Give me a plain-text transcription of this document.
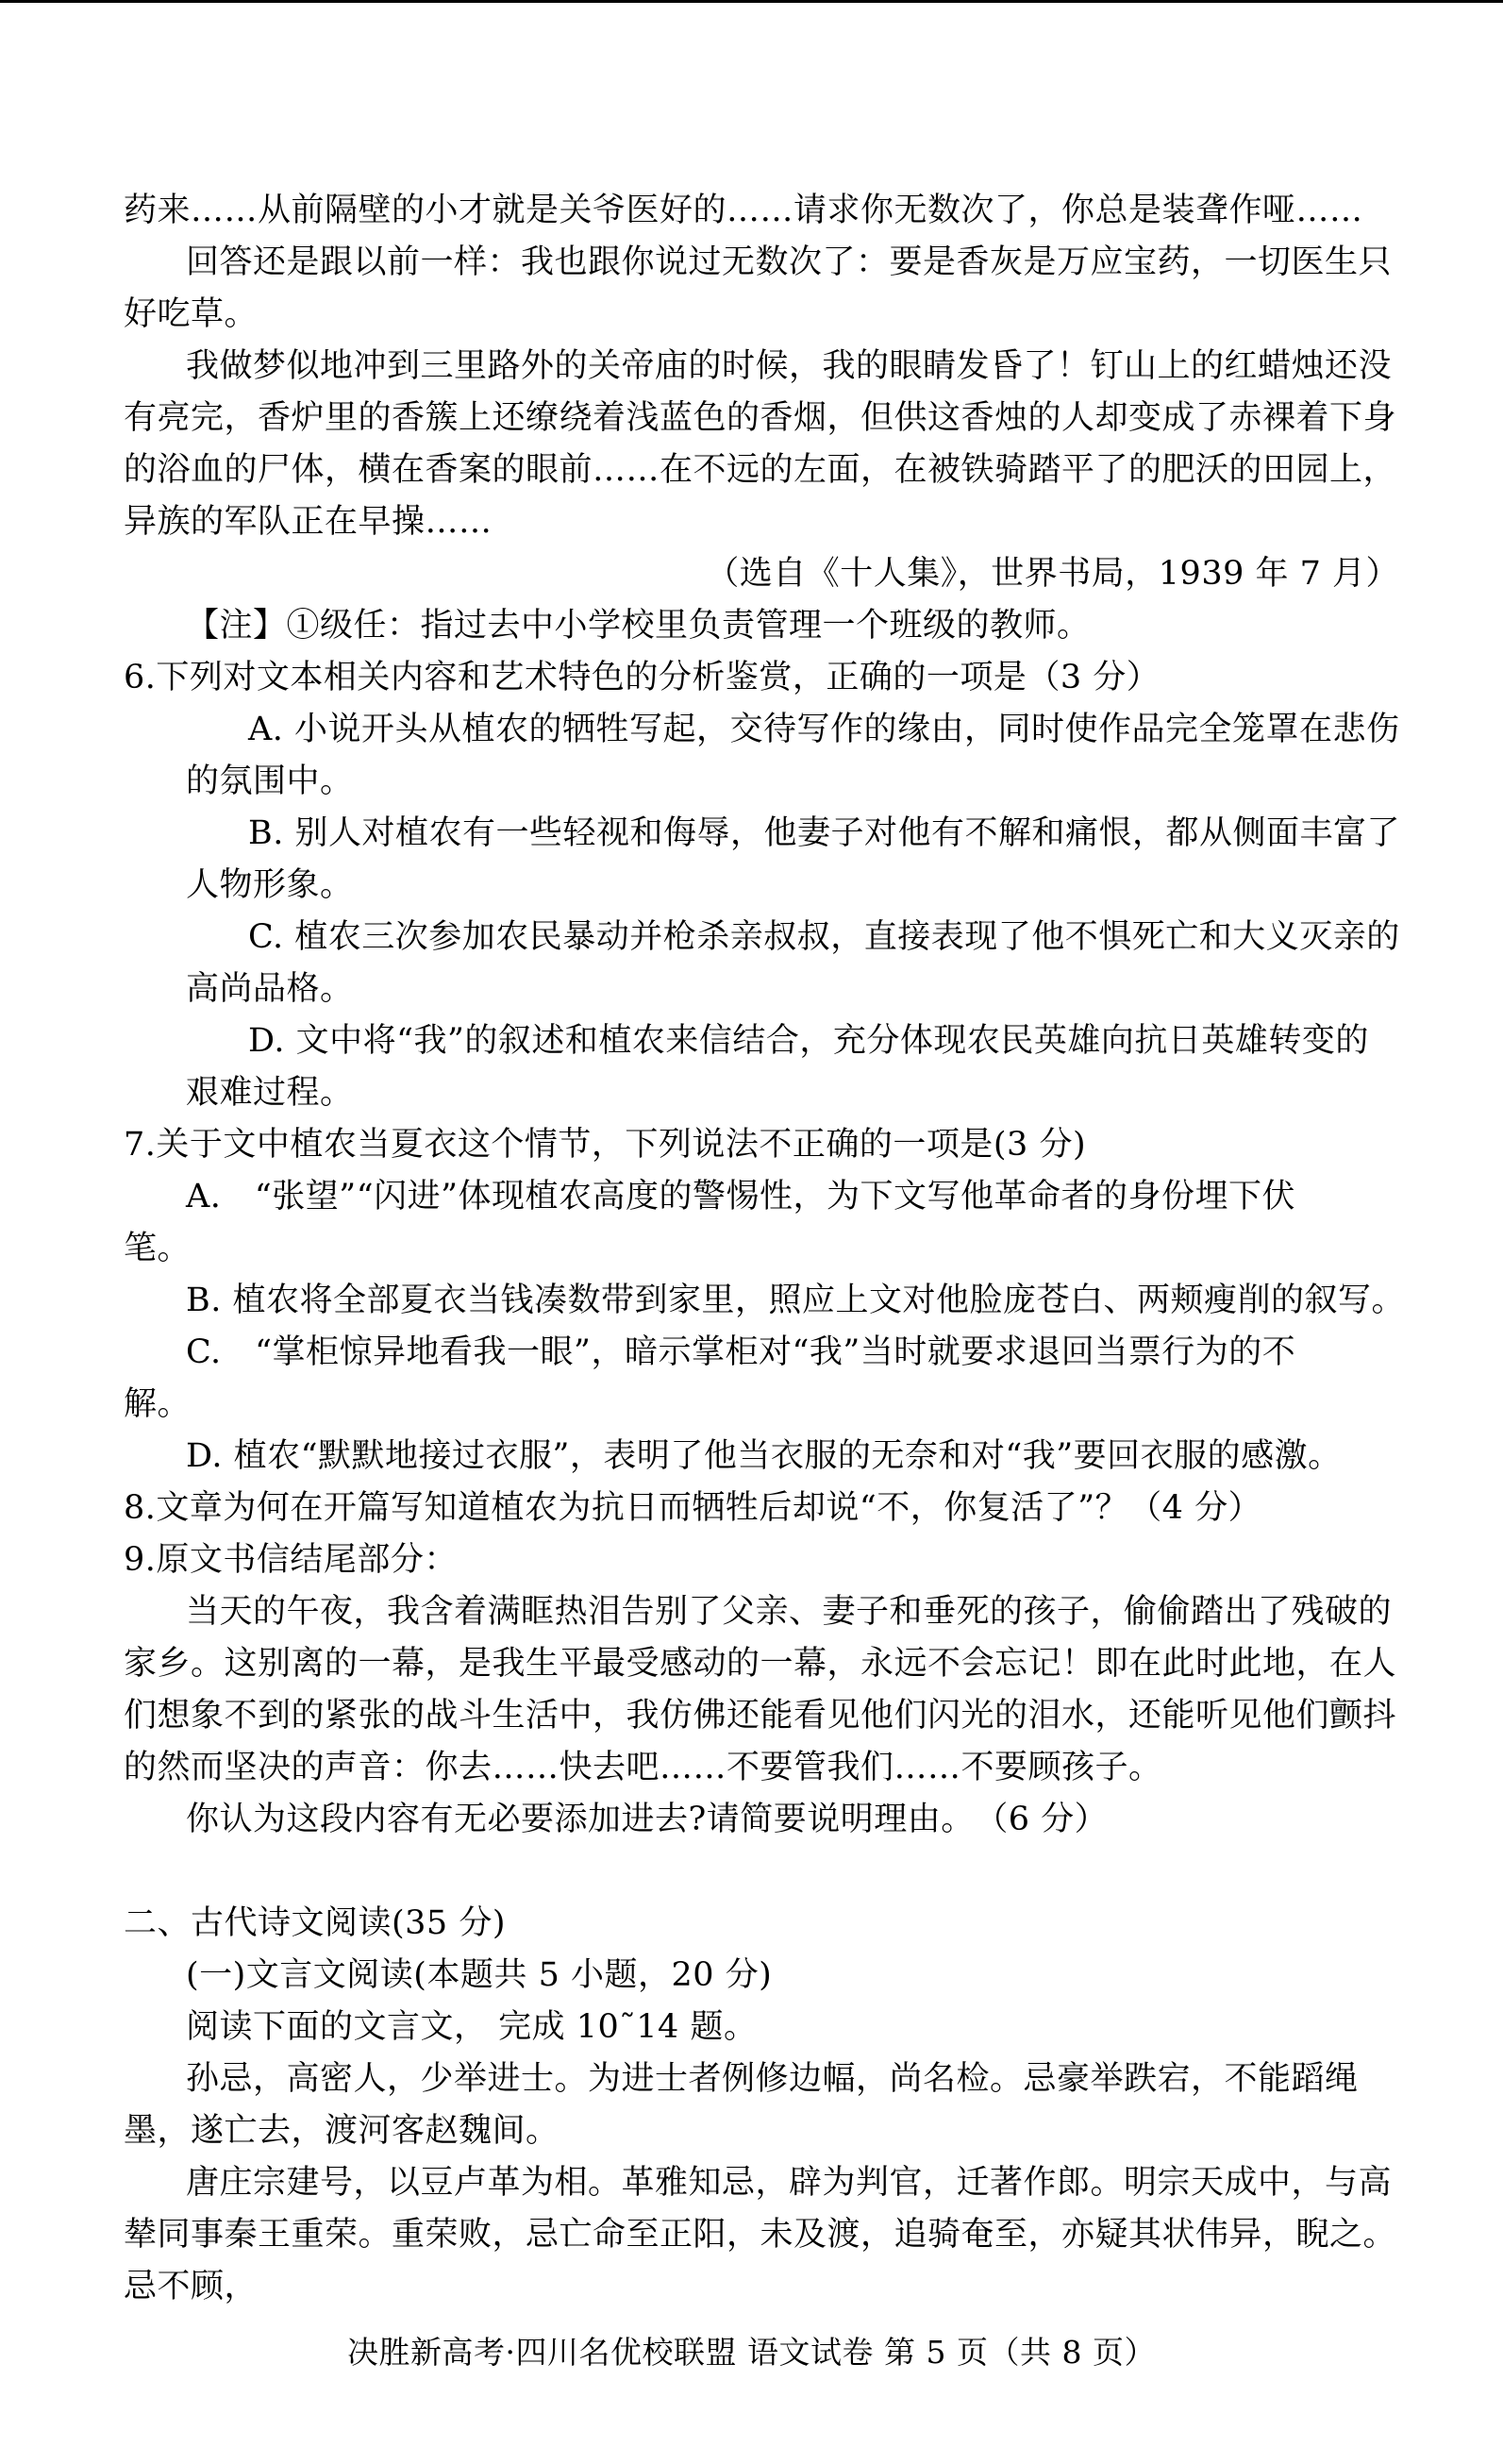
药来……从前隔壁的小才就是关爷医好的……请求你无数次了，你总是装聋作哑……
回答还是跟以前一样：我也跟你说过无数次了：要是香灰是万应宝药，一切医生只
好吃草。
我做梦似地冲到三里路外的关帝庙的时候，我的眼睛发昏了！钉山上的红蜡烛还没
有亮完，香炉里的香簇上还缭绕着浅蓝色的香烟，但供这香烛的人却变成了赤裸着下身
的浴血的尸体，横在香案的眼前……在不远的左面，在被铁骑踏平了的肥沃的田园上，
异族的军队正在早操……
（选自《十人集》，世界书局，1939 年 7 月）
【注】①级任：指过去中小学校里负责管理一个班级的教师。
6.下列对文本相关内容和艺术特色的分析鉴赏，正确的一项是（3 分）
A. 小说开头从植农的牺牲写起，交待写作的缘由，同时使作品完全笼罩在悲伤
的氛围中。
B. 别人对植农有一些轻视和侮辱，他妻子对他有不解和痛恨，都从侧面丰富了
人物形象。
C. 植农三次参加农民暴动并枪杀亲叔叔，直接表现了他不惧死亡和大义灭亲的
高尚品格。
D. 文中将“我”的叙述和植农来信结合，充分体现农民英雄向抗日英雄转变的
艰难过程。
7.关于文中植农当夏衣这个情节，下列说法不正确的一项是(3 分)
A.　“张望”“闪进”体现植农高度的警惕性，为下文写他革命者的身份埋下伏
笔。
B. 植农将全部夏衣当钱凑数带到家里，照应上文对他脸庞苍白、两颊瘦削的叙写。
C.　“掌柜惊异地看我一眼”，暗示掌柜对“我”当时就要求退回当票行为的不
解。
D. 植农“默默地接过衣服”，表明了他当衣服的无奈和对“我”要回衣服的感激。
8.文章为何在开篇写知道植农为抗日而牺牲后却说“不，你复活了”？（4 分）
9.原文书信结尾部分：
当天的午夜，我含着满眶热泪告别了父亲、妻子和垂死的孩子，偷偷踏出了残破的
家乡。这别离的一幕，是我生平最受感动的一幕，永远不会忘记！即在此时此地，在人
们想象不到的紧张的战斗生活中，我仿佛还能看见他们闪光的泪水，还能听见他们颤抖
的然而坚决的声音：你去……快去吧……不要管我们……不要顾孩子。
你认为这段内容有无必要添加进去?请简要说明理由。　（6 分）
二、古代诗文阅读(35 分)
(一)文言文阅读(本题共 5 小题，20 分)
阅读下面的文言文， 完成 10˜14 题。
孙忌，高密人，少举进士。为进士者例修边幅，尚名检。忌豪举跌宕，不能蹈绳
墨，遂亡去，渡河客赵魏间。
唐庄宗建号，以豆卢革为相。革雅知忌，辟为判官，迁著作郎。明宗天成中，与高
辇同事秦王重荣。重荣败，忌亡命至正阳，未及渡，追骑奄至，亦疑其状伟异，睨之。
忌不顾，
决胜新高考·四川名优校联盟 语文试卷 第 5 页（共 8 页）
